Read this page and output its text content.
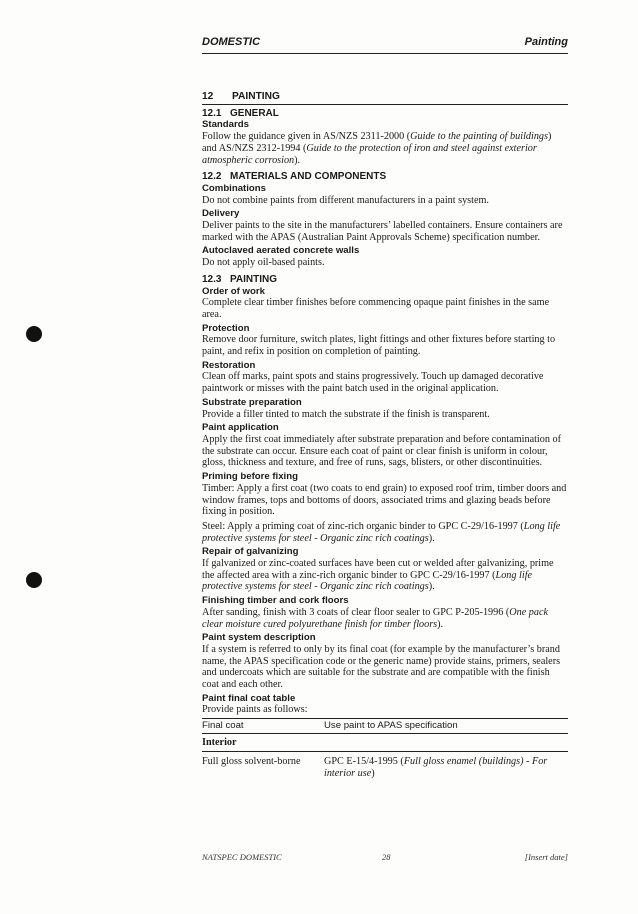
DOMESTIC	Painting
12 PAINTING
12.1 GENERAL
Standards

Follow the guidance given in AS/NZS 2311-2000 (Guide to the painting of buildings) and AS/NZS 2312-1994 (Guide to the protection of iron and steel against exterior atmospheric corrosion).

12.2 MATERIALS AND COMPONENTS
Combinations

Do not combine paints from different manufacturers in a paint system.

Delivery

Deliver paints to the site in the manufacturers’ labelled containers. Ensure containers are marked with the APAS (Australian Paint Approvals Scheme) specification number.

Autoclaved aerated concrete walls

Do not apply oil-based paints.

12.3 PAINTING
Order of work

Complete clear timber finishes before commencing opaque paint finishes in the same area.

Protection

Remove door furniture, switch plates, light fittings and other fixtures before starting to paint, and refix in position on completion of painting.

Restoration

Clean off marks, paint spots and stains progressively. Touch up damaged decorative paintwork or misses with the paint batch used in the original application.

Substrate preparation

Provide a filler tinted to match the substrate if the finish is transparent.

Paint application

Apply the first coat immediately after substrate preparation and before contamination of the substrate can occur. Ensure each coat of paint or clear finish is uniform in colour, gloss, thickness and texture, and free of runs, sags, blisters, or other discontinuities.

Priming before fixing

Timber: Apply a first coat (two coats to end grain) to exposed roof trim, timber doors and window frames, tops and bottoms of doors, associated trims and glazing beads before fixing in position.

Steel: Apply a priming coat of zinc-rich organic binder to GPC C-29/16-1997 (Long life protective systems for steel - Organic zinc rich coatings).

Repair of galvanizing

If galvanized or zinc-coated surfaces have been cut or welded after galvanizing, prime the affected area with a zinc-rich organic binder to GPC C-29/16-1997 (Long life protective systems for steel - Organic zinc rich coatings).

Finishing timber and cork floors

After sanding, finish with 3 coats of clear floor sealer to GPC P-205-1996 (One pack clear moisture cured polyurethane finish for timber floors).

Paint system description

If a system is referred to only by its final coat (for example by the manufacturer’s brand name, the APAS specification code or the generic name) provide stains, primers, sealers and undercoats which are suitable for the substrate and are compatible with the finish coat and each other.

Paint final coat table

Provide paints as follows:

Final coat	Use paint to APAS specification
Interior
Full gloss solvent-borne	GPC E-15/4-1995 (Full gloss enamel (buildings) - For interior use)
NATSPEC DOMESTIC	28	[Insert date]
